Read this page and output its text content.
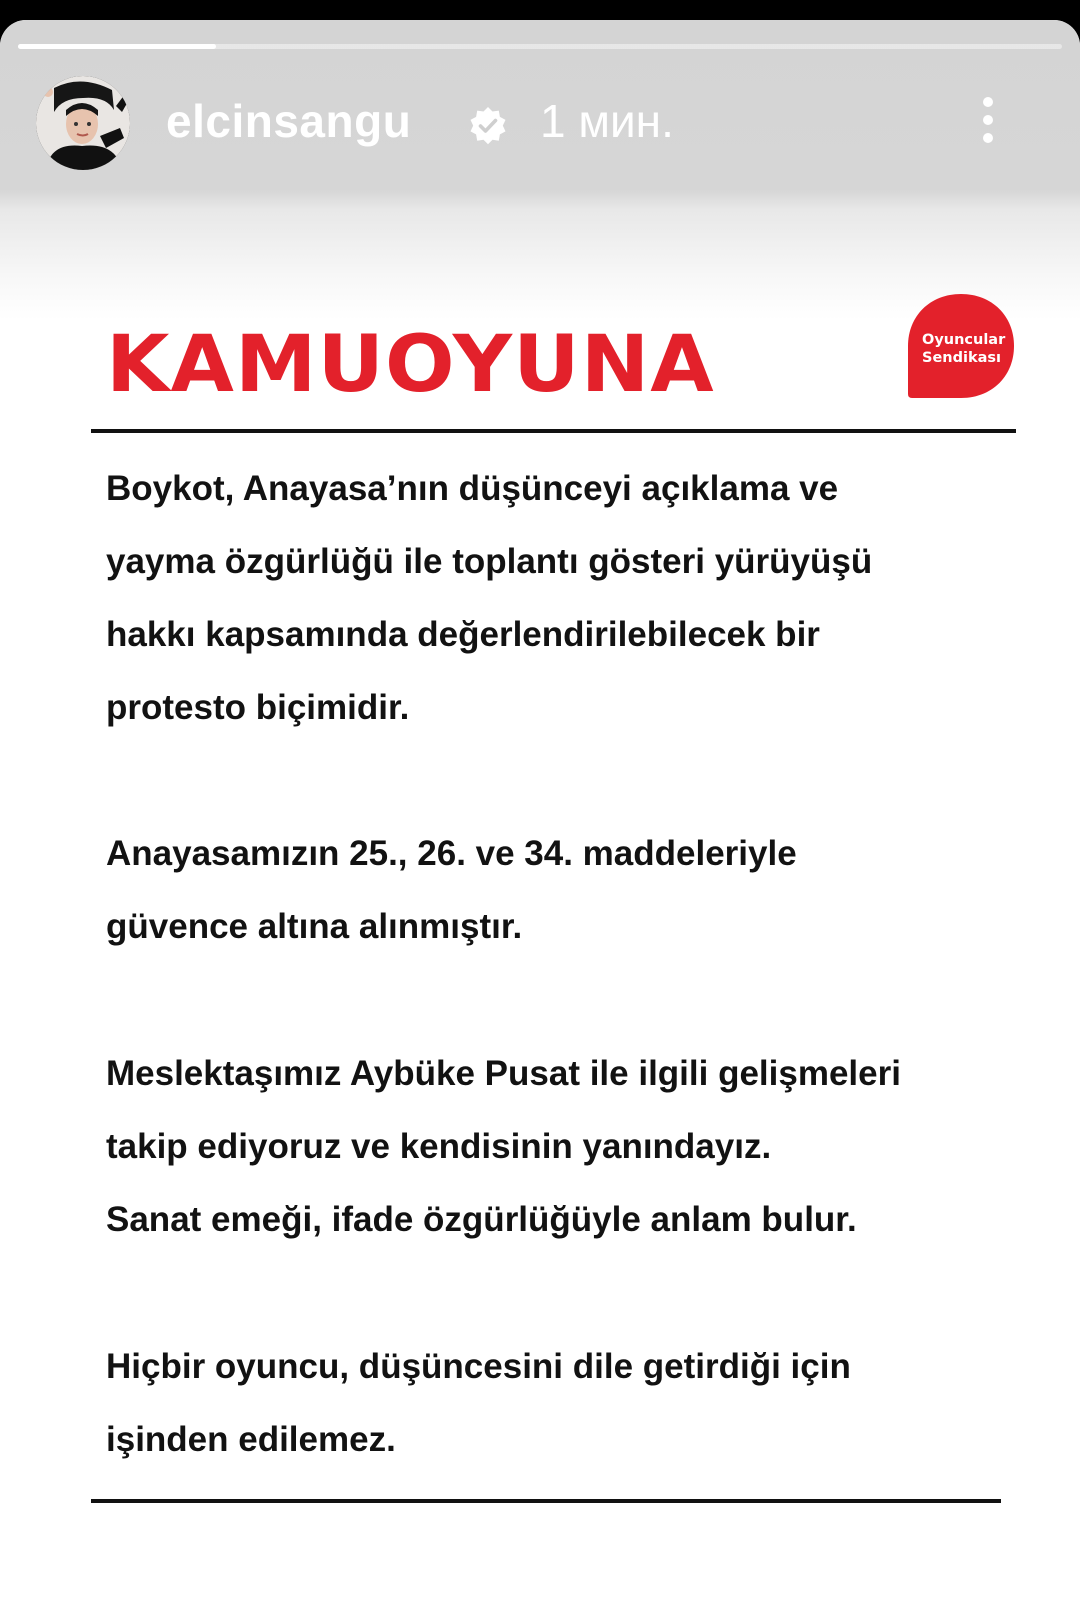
elcinsangu	1 мин.
KAMUOYUNA	Oyuncular
Sendikası

Boykot, Anayasa’nın düşünceyi açıklama ve
yayma özgürlüğü ile toplantı gösteri yürüyüşü
hakkı kapsamında değerlendirilebilecek bir
protesto biçimidir.

Anayasamızın 25., 26. ve 34. maddeleriyle
güvence altına alınmıştır.

Meslektaşımız Aybüke Pusat ile ilgili gelişmeleri
takip ediyoruz ve kendisinin yanındayız.
Sanat emeği, ifade özgürlüğüyle anlam bulur.

Hiçbir oyuncu, düşüncesini dile getirdiği için
işinden edilemez.
